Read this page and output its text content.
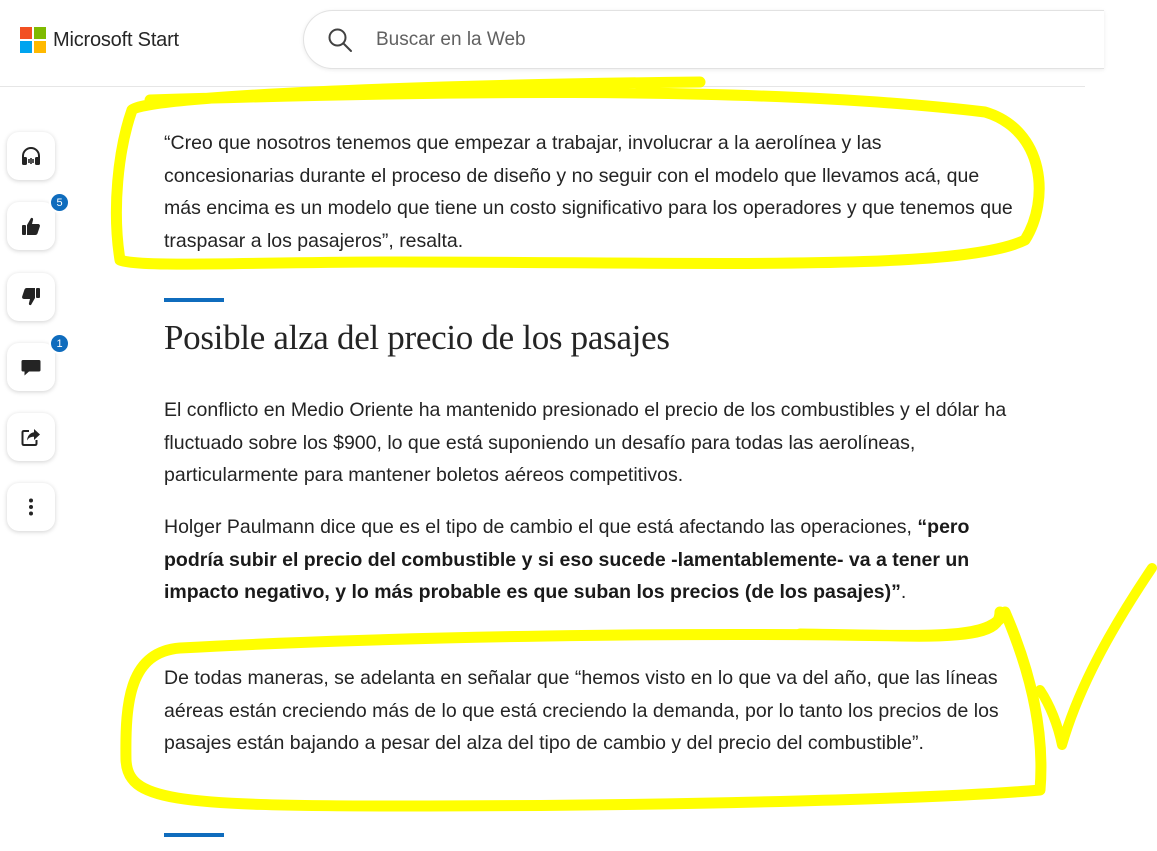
Microsoft Start
Buscar en la Web
5
1

“Creo que nosotros tenemos que empezar a trabajar, involucrar a la aerolínea y las concesionarias durante el proceso de diseño y no seguir con el modelo que llevamos acá, que más encima es un modelo que tiene un costo significativo para los operadores y que tenemos que traspasar a los pasajeros”, resalta.

Posible alza del precio de los pasajes

El conflicto en Medio Oriente ha mantenido presionado el precio de los combustibles y el dólar ha fluctuado sobre los $900, lo que está suponiendo un desafío para todas las aerolíneas, particularmente para mantener boletos aéreos competitivos.

Holger Paulmann dice que es el tipo de cambio el que está afectando las operaciones, “pero podría subir el precio del combustible y si eso sucede -lamentablemente- va a tener un impacto negativo, y lo más probable es que suban los precios (de los pasajes)”.

De todas maneras, se adelanta en señalar que “hemos visto en lo que va del año, que las líneas aéreas están creciendo más de lo que está creciendo la demanda, por lo tanto los precios de los pasajes están bajando a pesar del alza del tipo de cambio y del precio del combustible”.
